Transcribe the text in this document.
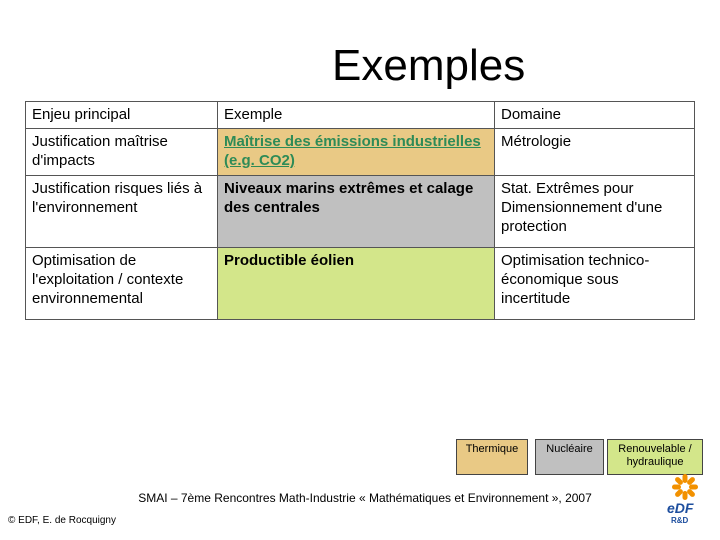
Exemples
Enjeu principal	Exemple	Domaine
Justification maîtrise d'impacts	Maîtrise des émissions industrielles (e.g. CO2)	Métrologie
Justification risques liés à l'environnement	Niveaux marins extrêmes et calage des centrales	Stat. Extrêmes pour Dimensionnement d'une protection
Optimisation de l'exploitation / contexte environnemental	Productible éolien	Optimisation technico-économique sous incertitude
Thermique	Nucléaire	Renouvelable / hydraulique
SMAI – 7ème Rencontres Math-Industrie « Mathématiques et Environnement », 2007
© EDF, E. de Rocquigny
eDF
R&D
